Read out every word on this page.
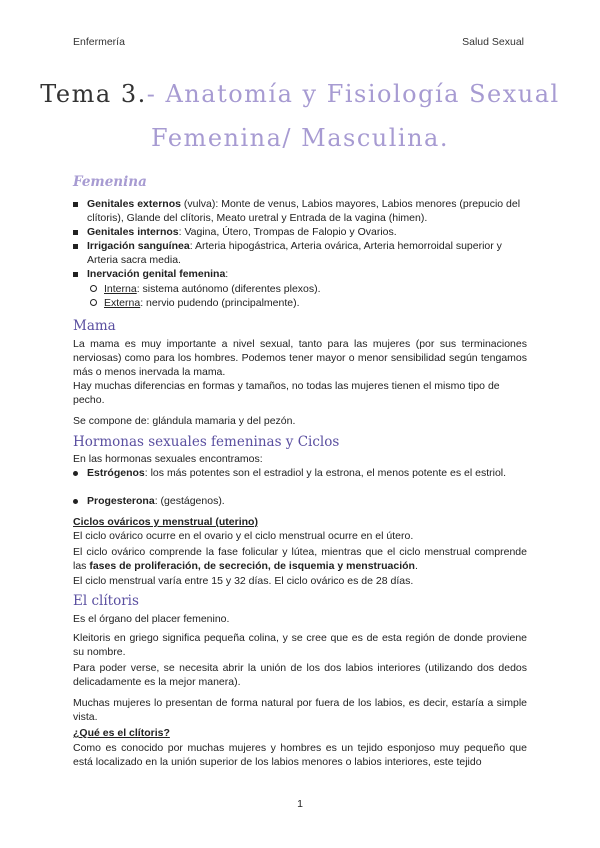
Enfermería	Salud Sexual
Tema 3.- Anatomía y Fisiología Sexual
Femenina/ Masculina.
Femenina
Genitales externos (vulva): Monte de venus, Labios mayores, Labios menores (prepucio del clítoris), Glande del clítoris, Meato uretral y Entrada de la vagina (himen).
Genitales internos: Vagina, Útero, Trompas de Falopio y Ovarios.
Irrigación sanguínea: Arteria hipogástrica, Arteria ovárica, Arteria hemorroidal superior y Arteria sacra media.
Inervación genital femenina:
Interna: sistema autónomo (diferentes plexos).
Externa: nervio pudendo (principalmente).
Mama
La mama es muy importante a nivel sexual, tanto para las mujeres (por sus terminaciones nerviosas) como para los hombres. Podemos tener mayor o menor sensibilidad según tengamos más o menos inervada la mama.
Hay muchas diferencias en formas y tamaños, no todas las mujeres tienen el mismo tipo de pecho.
Se compone de: glándula mamaria y del pezón.
Hormonas sexuales femeninas y Ciclos
En las hormonas sexuales encontramos:
Estrógenos: los más potentes son el estradiol y la estrona, el menos potente es el estriol.
Progesterona: (gestágenos).
Ciclos ováricos y menstrual (uterino)
El ciclo ovárico ocurre en el ovario y el ciclo menstrual ocurre en el útero.
El ciclo ovárico comprende la fase folicular y lútea, mientras que el ciclo menstrual comprende las fases de proliferación, de secreción, de isquemia y menstruación.
El ciclo menstrual varía entre 15 y 32 días. El ciclo ovárico es de 28 días.
El clítoris
Es el órgano del placer femenino.
Kleitoris en griego significa pequeña colina, y se cree que es de esta región de donde proviene su nombre.
Para poder verse, se necesita abrir la unión de los dos labios interiores (utilizando dos dedos delicadamente es la mejor manera).
Muchas mujeres lo presentan de forma natural por fuera de los labios, es decir, estaría a simple vista.
¿Qué es el clítoris?
Como es conocido por muchas mujeres y hombres es un tejido esponjoso muy pequeño que está localizado en la unión superior de los labios menores o labios interiores, este tejido
1
